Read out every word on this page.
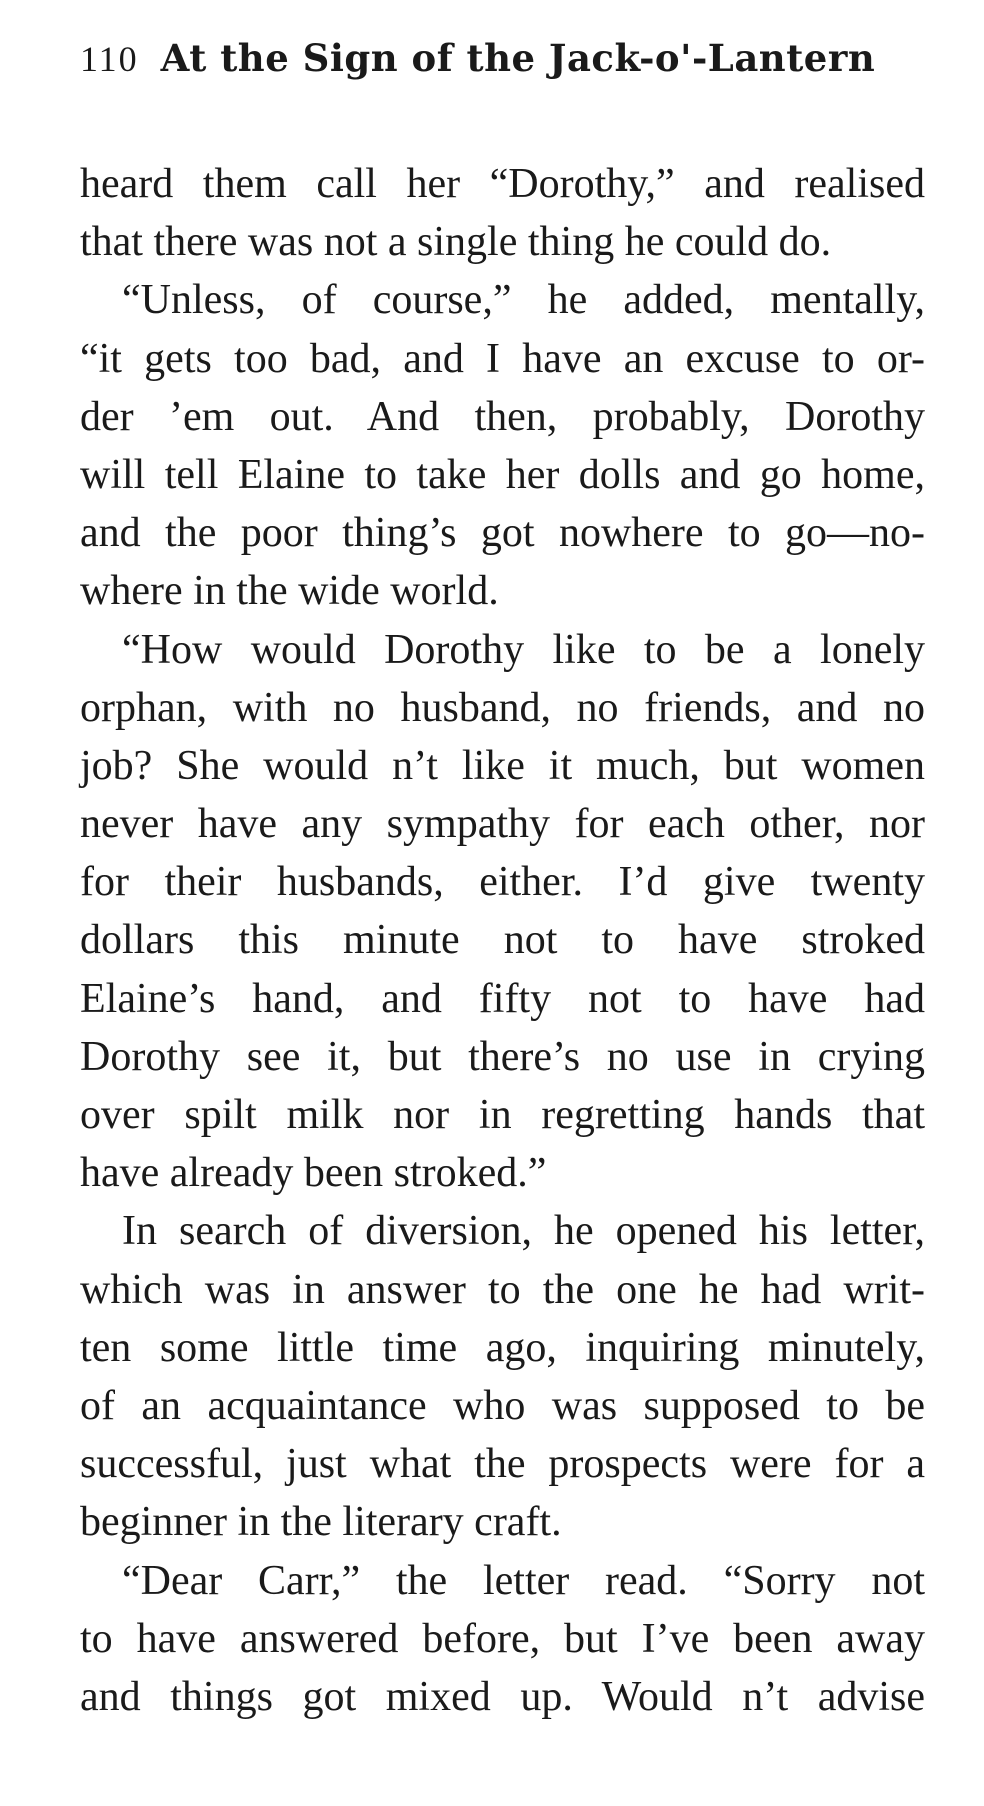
110 At the Sign of the Jack-o'-Lantern
heard them call her “Dorothy,” and realised
that there was not a single thing he could do.
“Unless, of course,” he added, mentally,
“it gets too bad, and I have an excuse to or-
der ’em out. And then, probably, Dorothy
will tell Elaine to take her dolls and go home,
and the poor thing’s got nowhere to go—no-
where in the wide world.
“How would Dorothy like to be a lonely
orphan, with no husband, no friends, and no
job? She would n’t like it much, but women
never have any sympathy for each other, nor
for their husbands, either. I’d give twenty
dollars this minute not to have stroked
Elaine’s hand, and fifty not to have had
Dorothy see it, but there’s no use in crying
over spilt milk nor in regretting hands that
have already been stroked.”
In search of diversion, he opened his letter,
which was in answer to the one he had writ-
ten some little time ago, inquiring minutely,
of an acquaintance who was supposed to be
successful, just what the prospects were for a
beginner in the literary craft.
“Dear Carr,” the letter read. “Sorry not
to have answered before, but I’ve been away
and things got mixed up. Would n’t advise
